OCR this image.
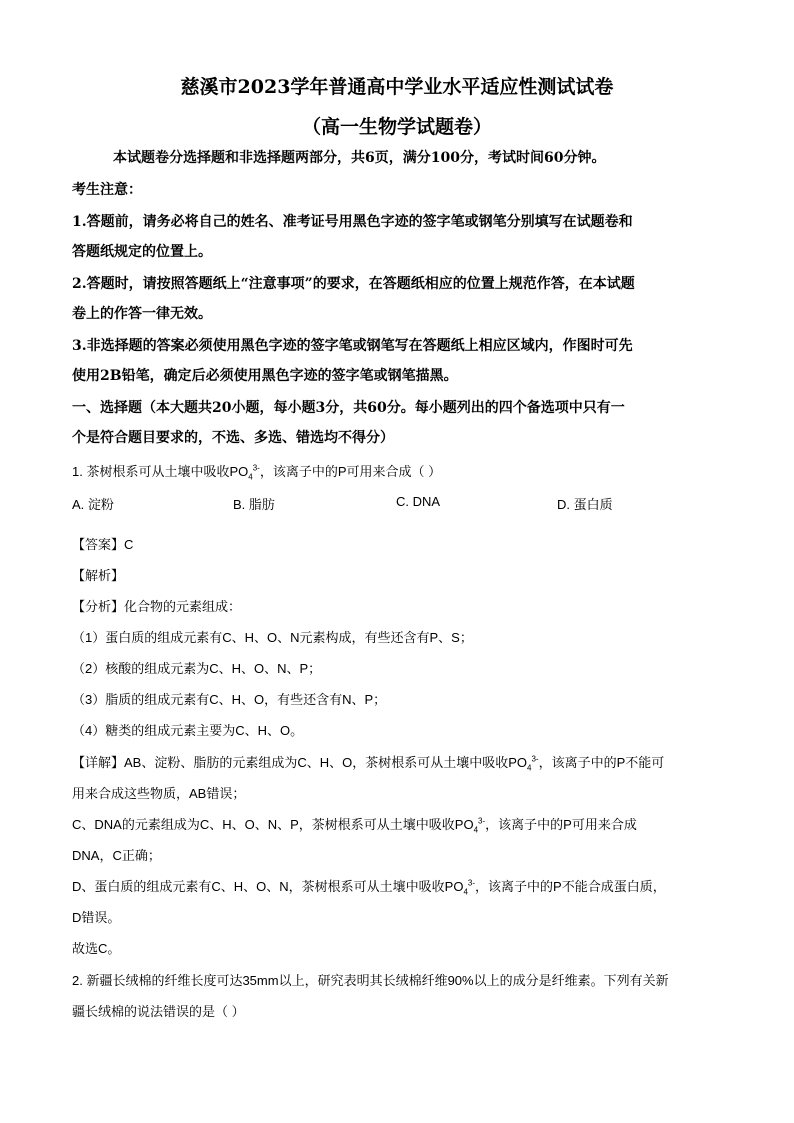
慈溪市2023学年普通高中学业水平适应性测试试卷
（高一生物学试题卷）
本试题卷分选择题和非选择题两部分，共6页，满分100分，考试时间60分钟。
考生注意：
1.答题前，请务必将自己的姓名、准考证号用黑色字迹的签字笔或钢笔分别填写在试题卷和
答题纸规定的位置上。
2.答题时，请按照答题纸上“注意事项”的要求，在答题纸相应的位置上规范作答，在本试题
卷上的作答一律无效。
3.非选择题的答案必须使用黑色字迹的签字笔或钢笔写在答题纸上相应区域内，作图时可先
使用2B铅笔，确定后必须使用黑色字迹的签字笔或钢笔描黑。
一、选择题（本大题共20小题，每小题3分，共60分。每小题列出的四个备选项中只有一
个是符合题目要求的，不选、多选、错选均不得分）
1. 茶树根系可从土壤中吸收$PO_4^{3-}$，该离子中的P可用来合成（ ）
A. 淀粉	B. 脂肪	C. DNA	D. 蛋白质
【答案】C
【解析】
【分析】化合物的元素组成：
（1）蛋白质的组成元素有C、H、O、N元素构成，有些还含有P、S；
（2）核酸的组成元素为C、H、O、N、P；
（3）脂质的组成元素有C、H、O，有些还含有N、P；
（4）糖类的组成元素主要为C、H、O。
【详解】AB、淀粉、脂肪的元素组成为C、H、O，茶树根系可从土壤中吸收$PO_4^{3-}$，该离子中的P不能可
用来合成这些物质，AB错误；
C、DNA的元素组成为C、H、O、N、P，茶树根系可从土壤中吸收$PO_4^{3-}$，该离子中的P可用来合成
DNA，C正确；
D、蛋白质的组成元素有C、H、O、N，茶树根系可从土壤中吸收$PO_4^{3-}$，该离子中的P不能合成蛋白质，
D错误。
故选C。
2. 新疆长绒棉的纤维长度可达35mm以上，研究表明其长绒棉纤维90%以上的成分是纤维素。下列有关新
疆长绒棉的说法错误的是（ ）
